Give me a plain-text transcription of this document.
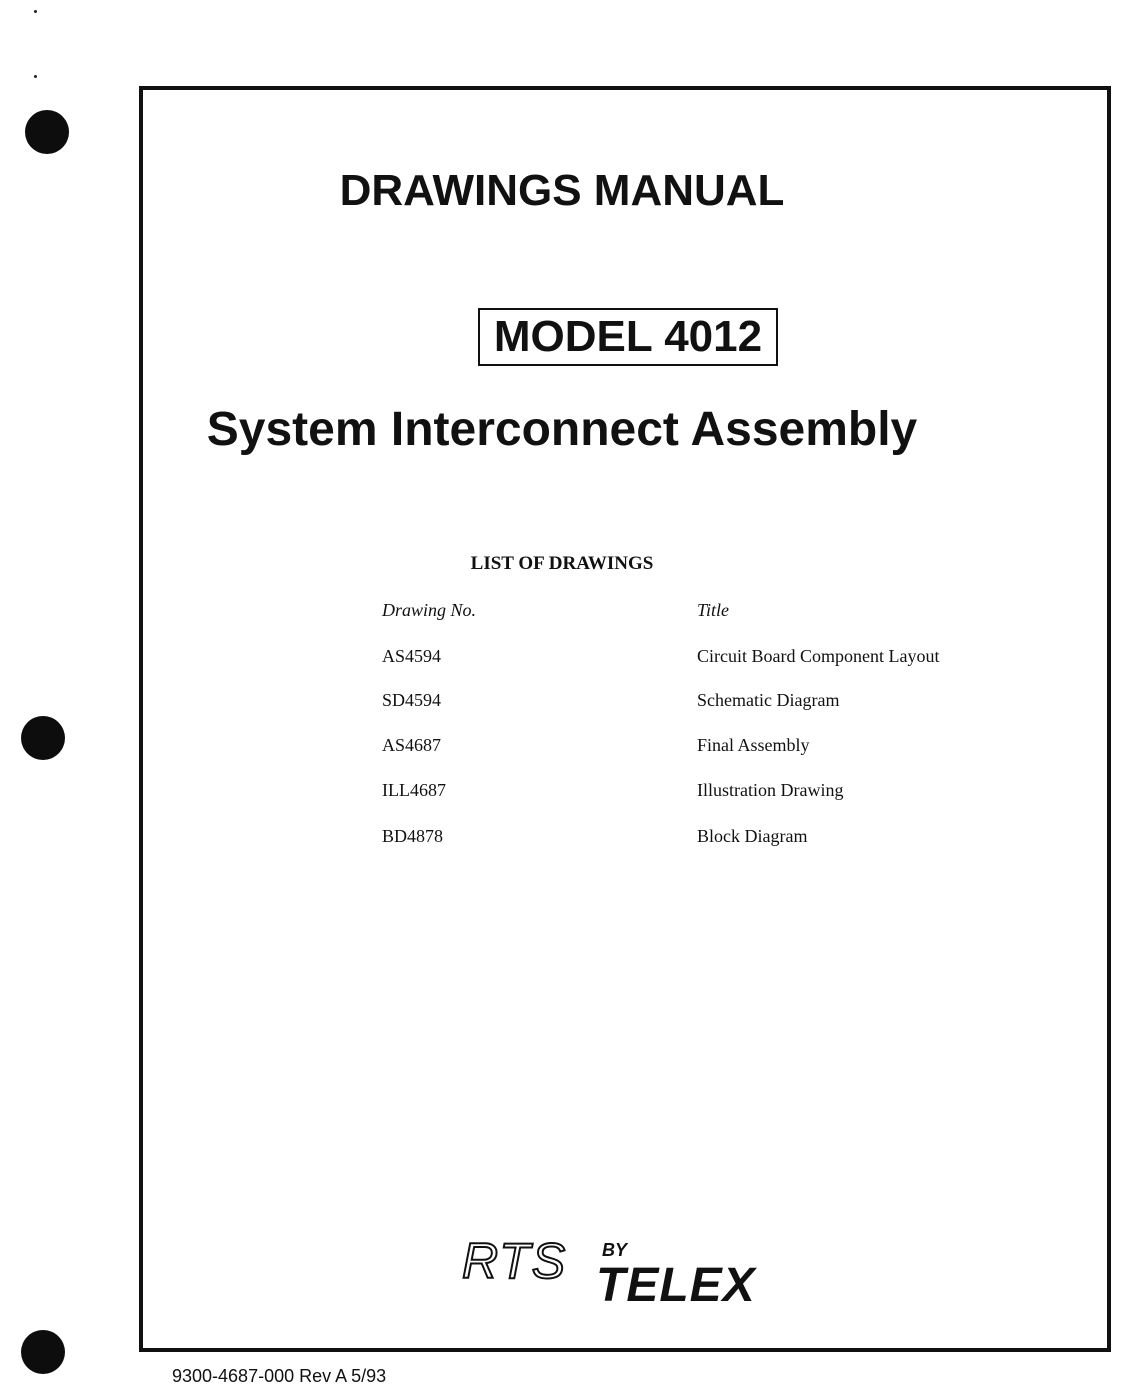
DRAWINGS MANUAL
MODEL 4012
System Interconnect Assembly
LIST OF DRAWINGS
Drawing No.	Title
AS4594	Circuit Board Component Layout
SD4594	Schematic Diagram
AS4687	Final Assembly
ILL4687	Illustration Drawing
BD4878	Block Diagram
RTS BY
TELEX
9300-4687-000 Rev A 5/93
